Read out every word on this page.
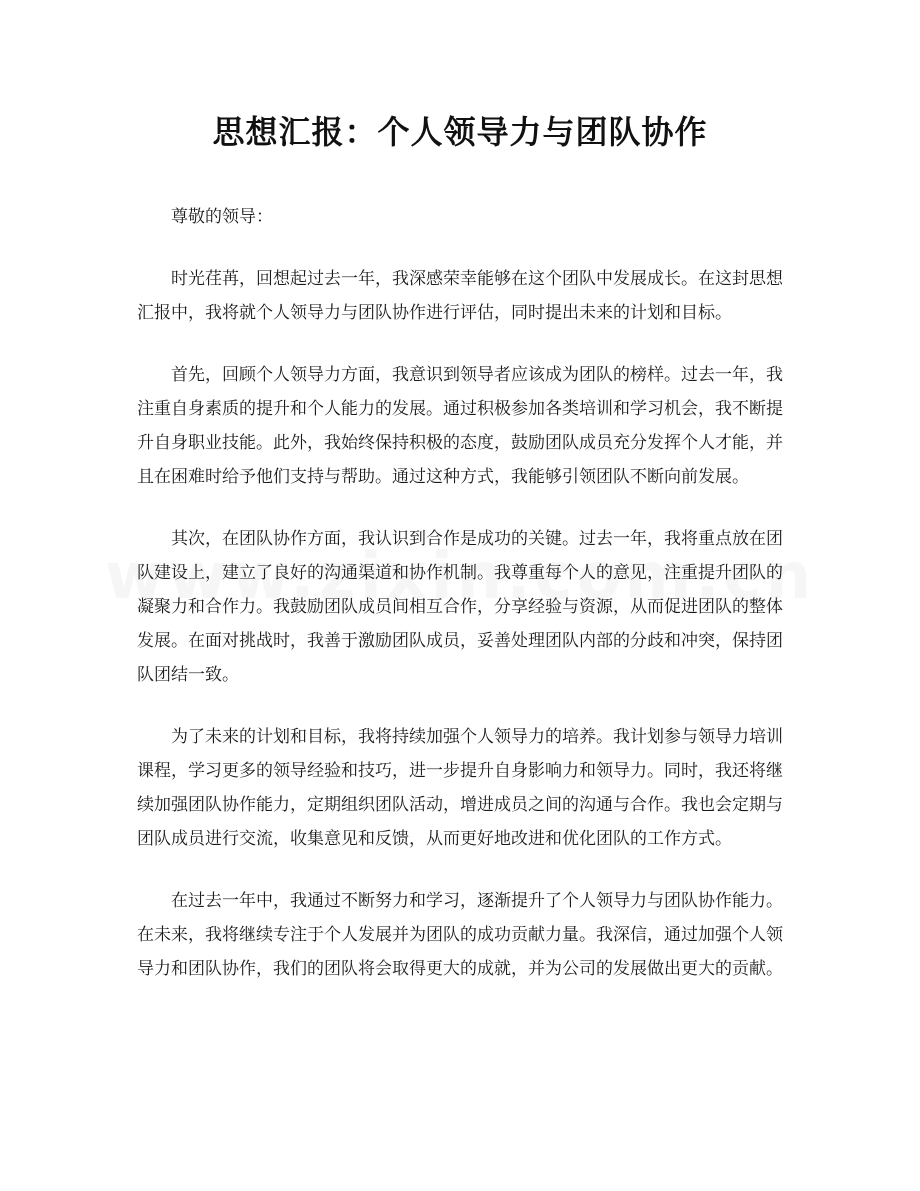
思想汇报：个人领导力与团队协作

尊敬的领导：

时光荏苒，回想起过去一年，我深感荣幸能够在这个团队中发展成长。在这封思想汇报中，我将就个人领导力与团队协作进行评估，同时提出未来的计划和目标。

首先，回顾个人领导力方面，我意识到领导者应该成为团队的榜样。过去一年，我注重自身素质的提升和个人能力的发展。通过积极参加各类培训和学习机会，我不断提升自身职业技能。此外，我始终保持积极的态度，鼓励团队成员充分发挥个人才能，并且在困难时给予他们支持与帮助。通过这种方式，我能够引领团队不断向前发展。

其次，在团队协作方面，我认识到合作是成功的关键。过去一年，我将重点放在团队建设上，建立了良好的沟通渠道和协作机制。我尊重每个人的意见，注重提升团队的凝聚力和合作力。我鼓励团队成员间相互合作，分享经验与资源，从而促进团队的整体发展。在面对挑战时，我善于激励团队成员，妥善处理团队内部的分歧和冲突，保持团队团结一致。

为了未来的计划和目标，我将持续加强个人领导力的培养。我计划参与领导力培训课程，学习更多的领导经验和技巧，进一步提升自身影响力和领导力。同时，我还将继续加强团队协作能力，定期组织团队活动，增进成员之间的沟通与合作。我也会定期与团队成员进行交流，收集意见和反馈，从而更好地改进和优化团队的工作方式。

在过去一年中，我通过不断努力和学习，逐渐提升了个人领导力与团队协作能力。在未来，我将继续专注于个人发展并为团队的成功贡献力量。我深信，通过加强个人领导力和团队协作，我们的团队将会取得更大的成就，并为公司的发展做出更大的贡献。
